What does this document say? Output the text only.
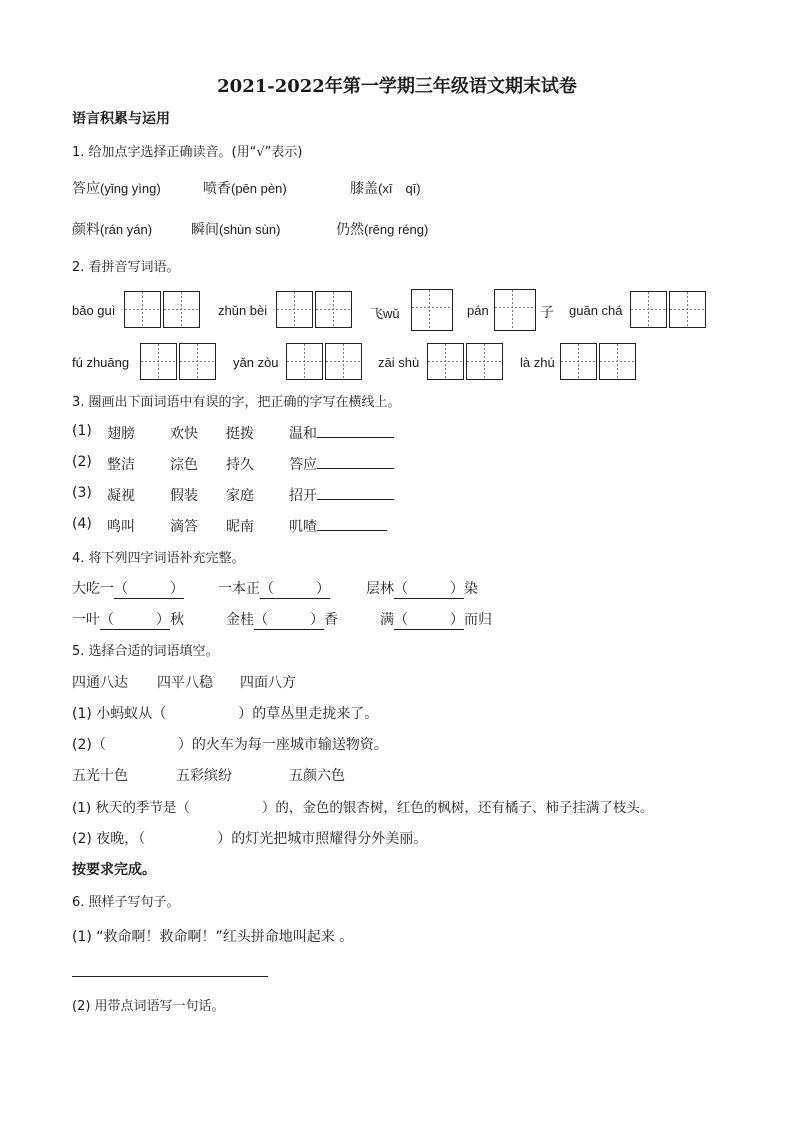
2021-2022年第一学期三年级语文期末试卷
语言积累与运用
1. 给加点字选择正确读音。(用“√”表示)
答应(yǐng yìng)	喷香(pēn pèn)	膝盖(xī　qī)
颜料(rán yán)	瞬间(shùn sùn)	仍然(rēng réng)
2. 看拼音写词语。
bǎo guì	zhǔn bèi	飞wǔ	pán	子 guān chá
fú zhuāng	yǎn zòu	zāi shù	là zhú
3. 圈画出下面词语中有误的字，把正确的字写在横线上。
(1) 翅膀	欢快 挺拨	温和
(2) 整洁	淙色 持久	答应
(3) 凝视	假装 家庭	招开
(4) 鸣叫	滴答 昵南	叽喳
4. 将下列四字词语补充完整。
大吃一（　　　） 一本正（　　　）	层林（　　　）染
一叶（　　　）秋	金桂（　　　）香	满（　　　）而归
5. 选择合适的词语填空。
四通八达 四平八稳 四面八方
(1) 小蚂蚁从（	）的草丛里走拢来了。
(2)（	）的火车为每一座城市输送物资。
五光十色	五彩缤纷	五颜六色
(1) 秋天的季节是（	）的，金色的银杏树，红色的枫树，还有橘子、柿子挂满了枝头。
(2) 夜晚，（	）的灯光把城市照耀得分外美丽。
按要求完成。
6. 照样子写句子。
(1) “救命啊！救命啊！”红头拼命地叫起来 。
(2) 用带点词语写一句话。
